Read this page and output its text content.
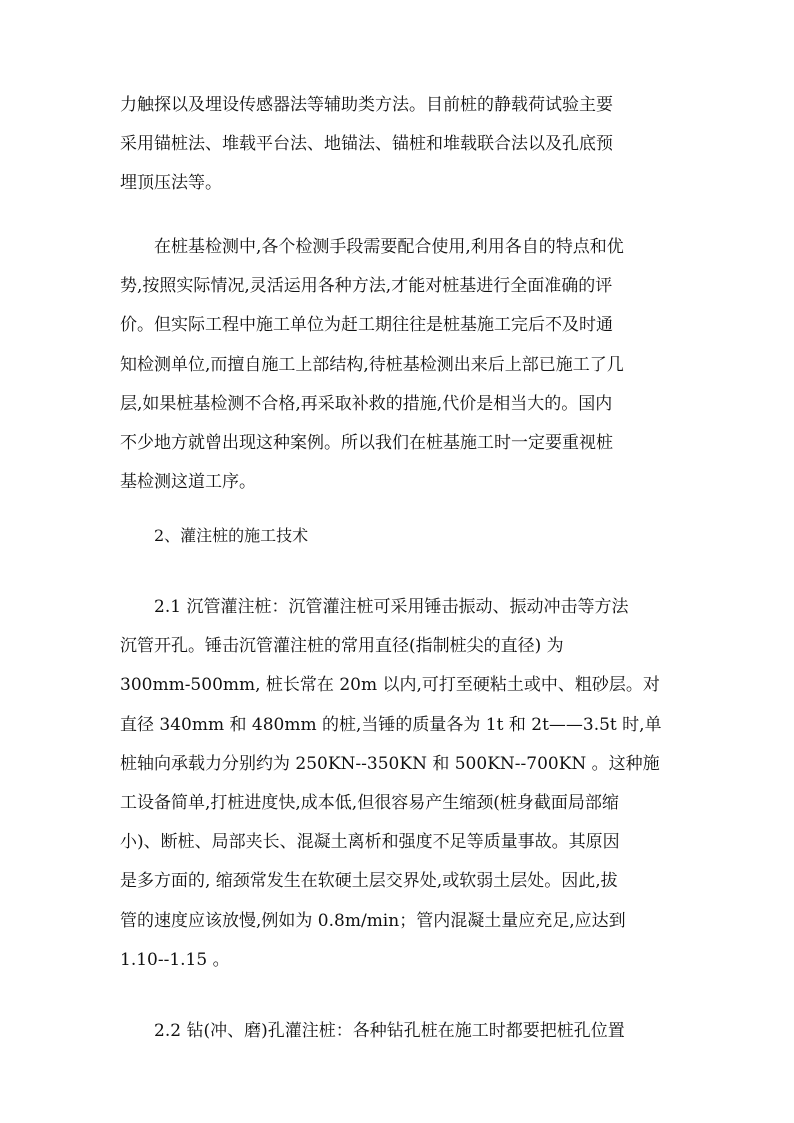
力触探以及埋设传感器法等辅助类方法。目前桩的静载荷试验主要
采用锚桩法、堆载平台法、地锚法、锚桩和堆载联合法以及孔底预
埋顶压法等。
在桩基检测中,各个检测手段需要配合使用,利用各自的特点和优
势,按照实际情况,灵活运用各种方法,才能对桩基进行全面准确的评
价。但实际工程中施工单位为赶工期往往是桩基施工完后不及时通
知检测单位,而擅自施工上部结构,待桩基检测出来后上部已施工了几
层,如果桩基检测不合格,再采取补救的措施,代价是相当大的。国内
不少地方就曾出现这种案例。所以我们在桩基施工时一定要重视桩
基检测这道工序。
2、灌注桩的施工技术
2.1 沉管灌注桩：沉管灌注桩可采用锤击振动、振动冲击等方法
沉管开孔。锤击沉管灌注桩的常用直径(指制桩尖的直径) 为
300mm-500mm, 桩长常在 20m 以内,可打至硬粘土或中、粗砂层。对
直径 340mm 和 480mm 的桩,当锤的质量各为 1t 和 2t——3.5t 时,单
桩轴向承载力分别约为 250KN--350KN 和 500KN--700KN 。这种施
工设备简单,打桩进度快,成本低,但很容易产生缩颈(桩身截面局部缩
小)、断桩、局部夹长、混凝土离析和强度不足等质量事故。其原因
是多方面的, 缩颈常发生在软硬土层交界处,或软弱土层处。因此,拔
管的速度应该放慢,例如为 0.8m/min；管内混凝土量应充足,应达到
1.10--1.15 。
2.2 钻(冲、磨)孔灌注桩：各种钻孔桩在施工时都要把桩孔位置
